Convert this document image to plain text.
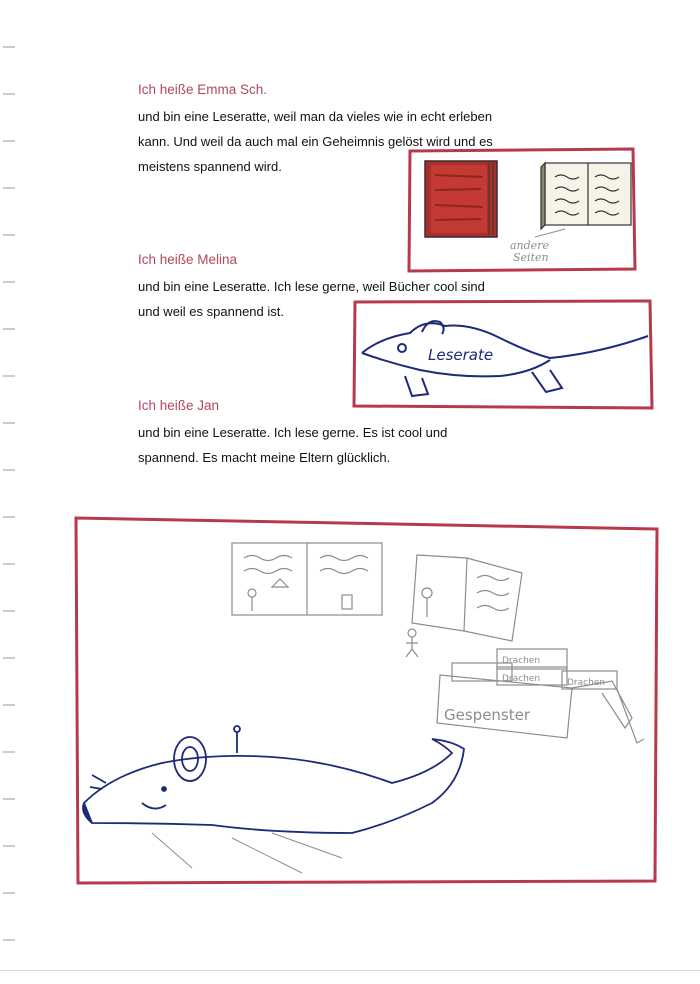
Ich heiße Emma Sch.

und bin eine Leseratte, weil man da vieles wie in echt erleben

kann. Und weil da auch mal ein Geheimnis gelöst wird und es

meistens spannend wird.

Ich heiße Melina

und bin eine Leseratte. Ich lese gerne, weil Bücher cool sind

und weil es spannend ist.

Ich heiße Jan

und bin eine Leseratte. Ich lese gerne. Es ist cool und

spannend. Es macht meine Eltern glücklich.

andere
Seiten
Leserate
Drachen
Drachen	Drachen
Gespenster
